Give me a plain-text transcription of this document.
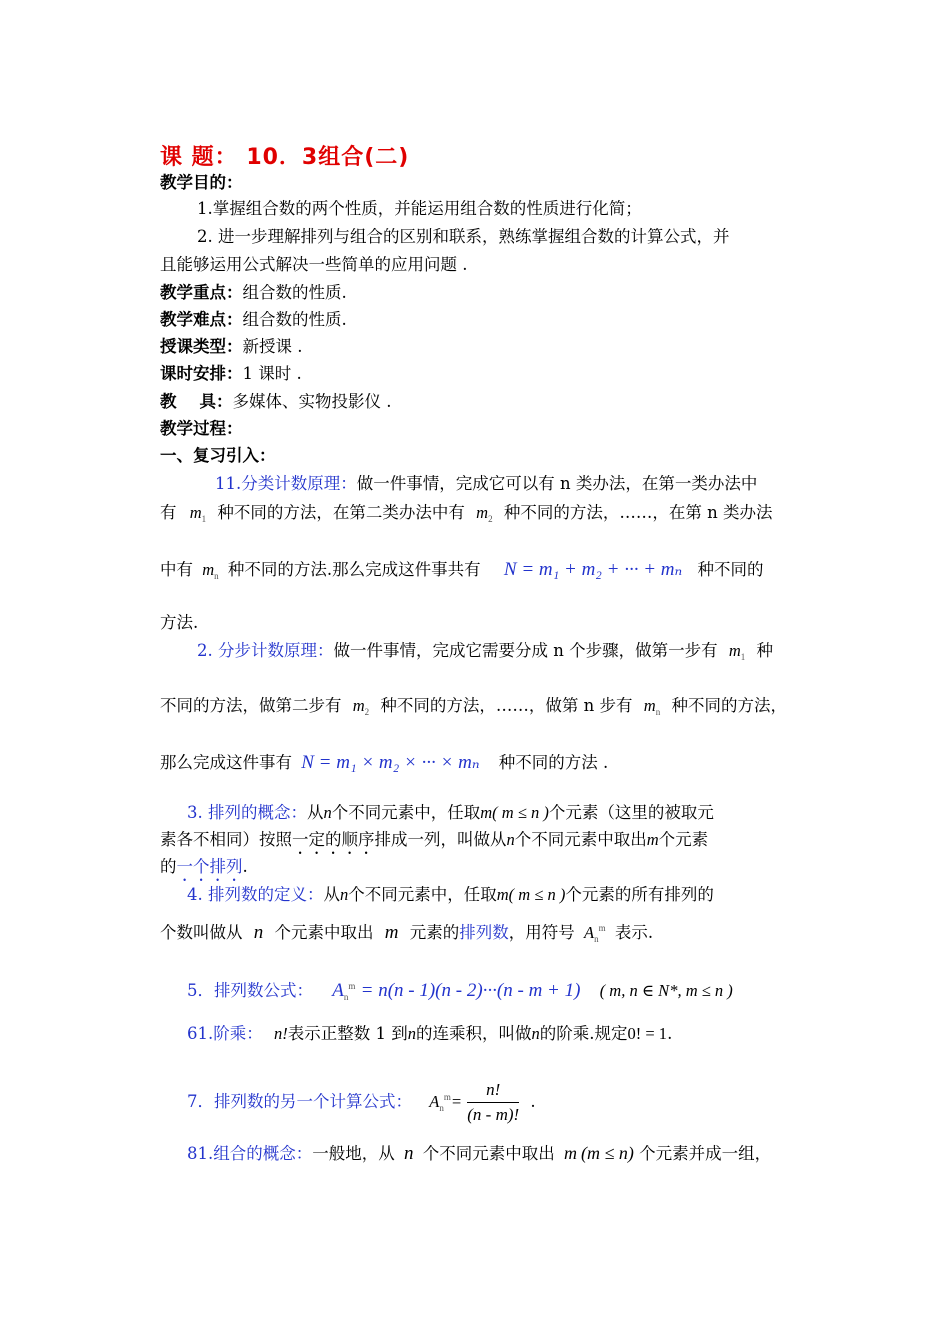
课 题： 10．3组合(二)
教学目的：
1.掌握组合数的两个性质，并能运用组合数的性质进行化简；
2. 进一步理解排列与组合的区别和联系，熟练掌握组合数的计算公式，并
且能够运用公式解决一些简单的应用问题 .
教学重点：组合数的性质.
教学难点：组合数的性质.
授课类型：新授课 .
课时安排：1 课时 .
教    具：多媒体、实物投影仪 .
教学过程：
一、复习引入：
11.分类计数原理：做一件事情，完成它可以有 n 类办法，在第一类办法中
有 $m_1$ 种不同的方法，在第二类办法中有 $m_2$ 种不同的方法，……，在第 n 类办法
中有 $m_n$ 种不同的方法.那么完成这件事共有 N = m₁ + m₂ + ··· + mₙ 种不同的
方法.
2. 分步计数原理：做一件事情，完成它需要分成 n 个步骤，做第一步有 $m_1$ 种
不同的方法，做第二步有 $m_2$ 种不同的方法，……，做第 n 步有 $m_n$ 种不同的方法，
那么完成这件事有 N = m₁ × m₂ × ··· × mₙ 种不同的方法 .
3. 排列的概念：从n个不同元素中，任取m( m ≤ n )个元素（这里的被取元
素各不相同）按照一定的顺序排成一列，叫做从n个不同元素中取出m个元素
的一个排列.
4. 排列数的定义：从n个不同元素中，任取m( m ≤ n )个元素的所有排列的
个数叫做从 n 个元素中取出 m 元素的排列数，用符号 $A_n^m$ 表示.
5．排列数公式： $A_n^m = n(n - 1)(n - 2)\cdot\cdot\cdot(n - m + 1)$ ( m, n ∈ N*, m ≤ n )
61.阶乘： n!表示正整数 1 到n的连乘积，叫做n的阶乘.规定0! = 1.
7．排列数的另一个计算公式： $A_n^m= \frac{n!}{(n - m)!}$ .
81.组合的概念：一般地，从 n 个不同元素中取出 m (m ≤ n) 个元素并成一组，
